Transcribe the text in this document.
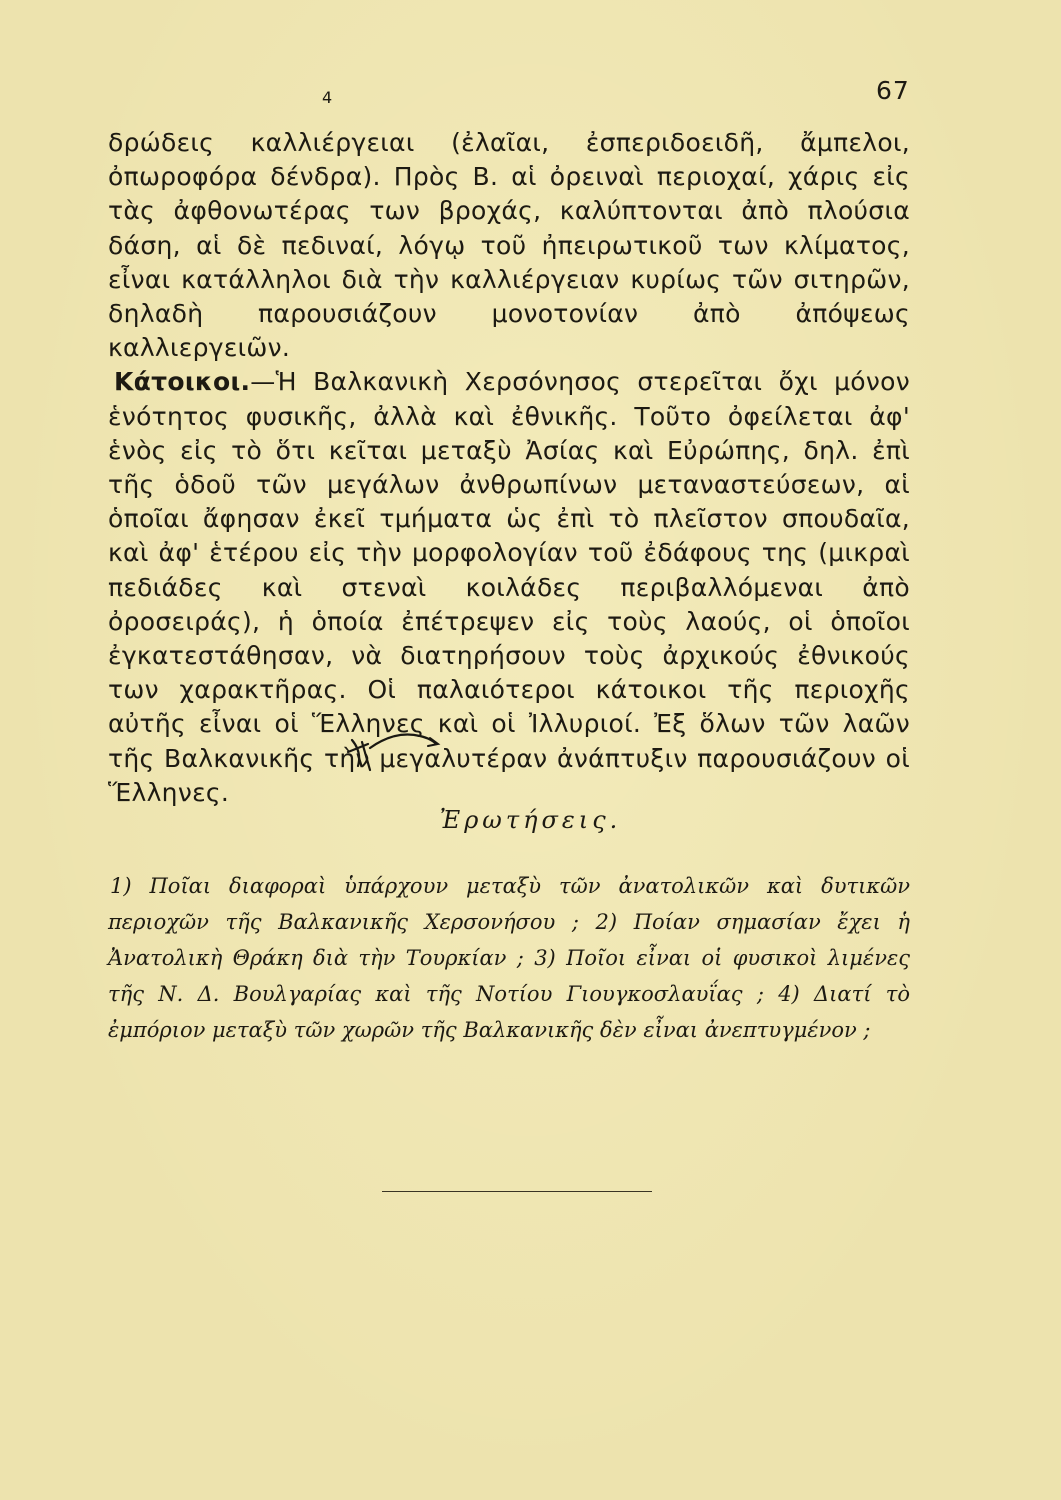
4	67

δρώδεις καλλιέργειαι (ἐλαῖαι, ἐσπεριδοειδῆ, ἄμπελοι, ὀπωροφόρα δένδρα). Πρὸς Β. αἱ ὀρειναὶ περιοχαί, χάρις εἰς τὰς ἀφθονωτέρας των βροχάς, καλύπτονται ἀπὸ πλούσια δάση, αἱ δὲ πεδιναί, λόγῳ τοῦ ἠπειρωτικοῦ των κλίματος, εἶναι κατάλληλοι διὰ τὴν καλλιέργειαν κυρίως τῶν σιτηρῶν, δηλαδὴ παρουσιάζουν μονοτονίαν ἀπὸ ἀπόψεως καλλιεργειῶν.

Κάτοικοι.—Ἡ Βαλκανικὴ Χερσόνησος στερεῖται ὄχι μόνον ἑνότητος φυσικῆς, ἀλλὰ καὶ ἐθνικῆς. Τοῦτο ὀφείλεται ἀφ' ἑνὸς εἰς τὸ ὅτι κεῖται μεταξὺ Ἀσίας καὶ Εὐρώπης, δηλ. ἐπὶ τῆς ὁδοῦ τῶν μεγάλων ἀνθρωπίνων μεταναστεύσεων, αἱ ὁποῖαι ἄφησαν ἐκεῖ τμήματα ὡς ἐπὶ τὸ πλεῖστον σπουδαῖα, καὶ ἀφ' ἑτέρου εἰς τὴν μορφολογίαν τοῦ ἐδάφους της (μικραὶ πεδιάδες καὶ στεναὶ κοιλάδες περιβαλλόμεναι ἀπὸ ὀροσειράς), ἡ ὁποία ἐπέτρεψεν εἰς τοὺς λαούς, οἱ ὁποῖοι ἐγκατεστάθησαν, νὰ διατηρήσουν τοὺς ἀρχικούς ἐθνικούς των χαρακτῆρας. Οἱ παλαιότεροι κάτοικοι τῆς περιοχῆς αὐτῆς εἶναι οἱ Ἕλληνες καὶ οἱ Ἰλλυριοί. Ἐξ ὅλων τῶν λαῶν τῆς Βαλκανικῆς τὴν μεγαλυτέραν ἀνάπτυξιν παρουσιάζουν οἱ Ἕλληνες.

Ἐρωτήσεις.
1) Ποῖαι διαφοραὶ ὑπάρχουν μεταξὺ τῶν ἀνατολικῶν καὶ δυτικῶν περιοχῶν τῆς Βαλκανικῆς Χερσονήσου ; 2) Ποίαν σημασίαν ἔχει ἡ Ἀνατολικὴ Θράκη διὰ τὴν Τουρκίαν ; 3) Ποῖοι εἶναι οἱ φυσικοὶ λιμένες τῆς Ν. Δ. Βουλγαρίας καὶ τῆς Νοτίου Γιουγκοσλαυΐας ; 4) Διατί τὸ ἐμπόριον μεταξὺ τῶν χωρῶν τῆς Βαλκανικῆς δὲν εἶναι ἀνεπτυγμένον ;
